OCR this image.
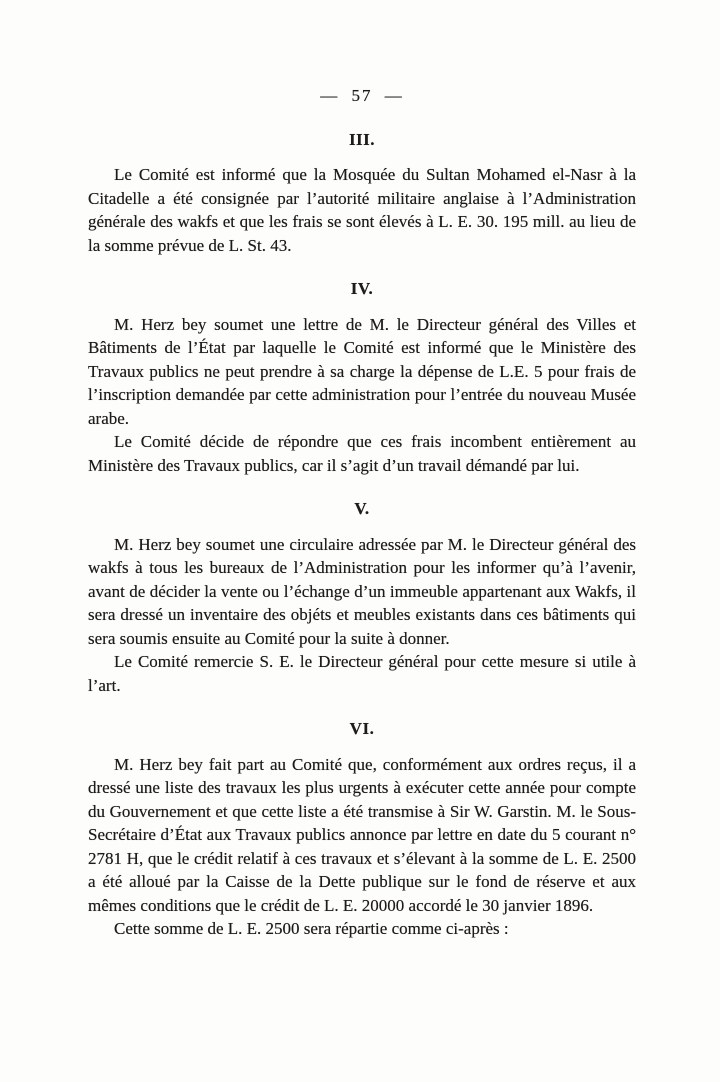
— 57 —
III.

Le Comité est informé que la Mosquée du Sultan Mohamed el-Nasr à la Citadelle a été consignée par l’autorité militaire anglaise à l’Administration générale des wakfs et que les frais se sont élevés à L. E. 30. 195 mill. au lieu de la somme prévue de L. St. 43.

IV.

M. Herz bey soumet une lettre de M. le Directeur général des Villes et Bâtiments de l’État par laquelle le Comité est informé que le Ministère des Travaux publics ne peut prendre à sa charge la dépense de L.E. 5 pour frais de l’inscription demandée par cette administration pour l’entrée du nouveau Musée arabe.

Le Comité décide de répondre que ces frais incombent entièrement au Ministère des Travaux publics, car il s’agit d’un travail démandé par lui.

V.

M. Herz bey soumet une circulaire adressée par M. le Directeur général des wakfs à tous les bureaux de l’Administration pour les informer qu’à l’avenir, avant de décider la vente ou l’échange d’un immeuble appartenant aux Wakfs, il sera dressé un inventaire des objéts et meubles existants dans ces bâtiments qui sera soumis ensuite au Comité pour la suite à donner.

Le Comité remercie S. E. le Directeur général pour cette mesure si utile à l’art.

VI.

M. Herz bey fait part au Comité que, conformément aux ordres reçus, il a dressé une liste des travaux les plus urgents à exécuter cette année pour compte du Gouvernement et que cette liste a été transmise à Sir W. Garstin. M. le Sous-Secrétaire d’État aux Travaux publics annonce par lettre en date du 5 courant n° 2781 H, que le crédit relatif à ces travaux et s’élevant à la somme de L. E. 2500 a été alloué par la Caisse de la Dette publique sur le fond de réserve et aux mêmes conditions que le crédit de L. E. 20000 accordé le 30 janvier 1896.

Cette somme de L. E. 2500 sera répartie comme ci-après :
